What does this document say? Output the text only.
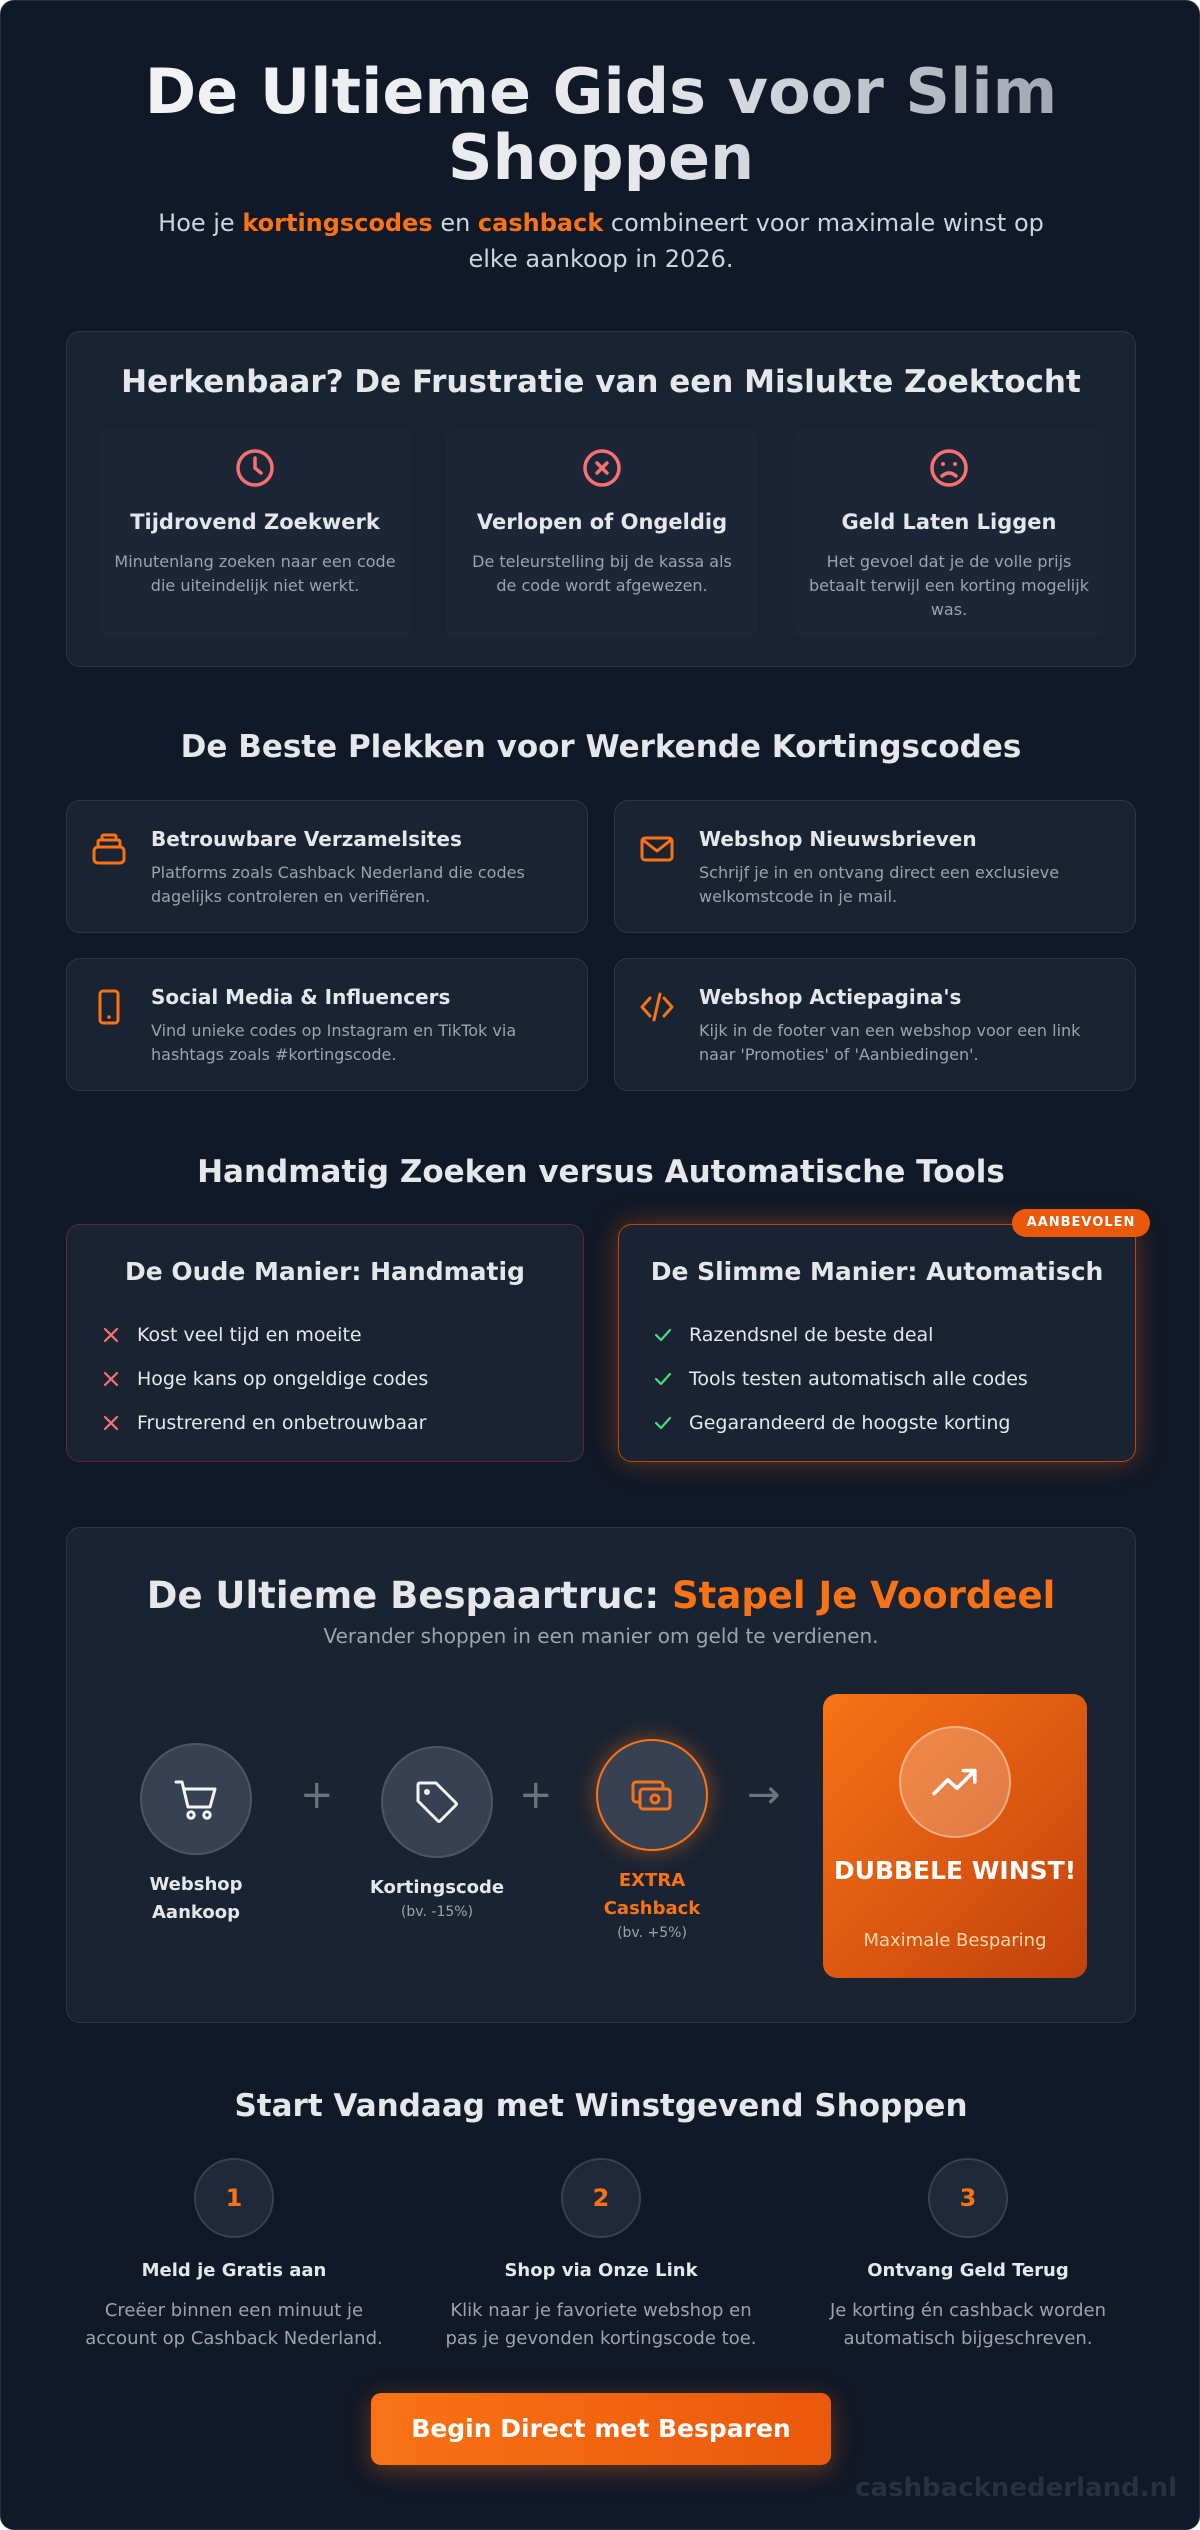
De Ultieme Gids voor Slim Shoppen

Hoe je kortingscodes en cashback combineert voor maximale winst op elke aankoop in 2026.

Herkenbaar? De Frustratie van een Mislukte Zoektocht
Tijdrovend Zoekwerk

Minutenlang zoeken naar een code die uiteindelijk niet werkt.

Verlopen of Ongeldig

De teleurstelling bij de kassa als de code wordt afgewezen.

Geld Laten Liggen

Het gevoel dat je de volle prijs betaalt terwijl een korting mogelijk was.

De Beste Plekken voor Werkende Kortingscodes
Betrouwbare Verzamelsites

Platforms zoals Cashback Nederland die codes dagelijks controleren en verifiëren.

Webshop Nieuwsbrieven

Schrijf je in en ontvang direct een exclusieve welkomstcode in je mail.

Social Media & Influencers

Vind unieke codes op Instagram en TikTok via hashtags zoals #kortingscode.

Webshop Actiepagina's

Kijk in de footer van een webshop voor een link naar 'Promoties' of 'Aanbiedingen'.

Handmatig Zoeken versus Automatische Tools
De Oude Manier: Handmatig
Kost veel tijd en moeite
Hoge kans op ongeldige codes
Frustrerend en onbetrouwbaar
De Slimme Manier: Automatisch
Razendsnel de beste deal
Tools testen automatisch alle codes
Gegarandeerd de hoogste korting
AANBEVOLEN
De Ultieme Bespaartruc: Stapel Je Voordeel
Verander shoppen in een manier om geld te verdienen.
Webshop Aankoop
+
Kortingscode
(bv. -15%)
+
EXTRA Cashback
(bv. +5%)
→
DUBBELE WINST!
Maximale Besparing
Start Vandaag met Winstgevend Shoppen
1
Meld je Gratis aan
Creëer binnen een minuut je account op Cashback Nederland.
2
Shop via Onze Link
Klik naar je favoriete webshop en pas je gevonden kortingscode toe.
3
Ontvang Geld Terug
Je korting én cashback worden automatisch bijgeschreven.
Begin Direct met Besparen
cashbacknederland.nl
